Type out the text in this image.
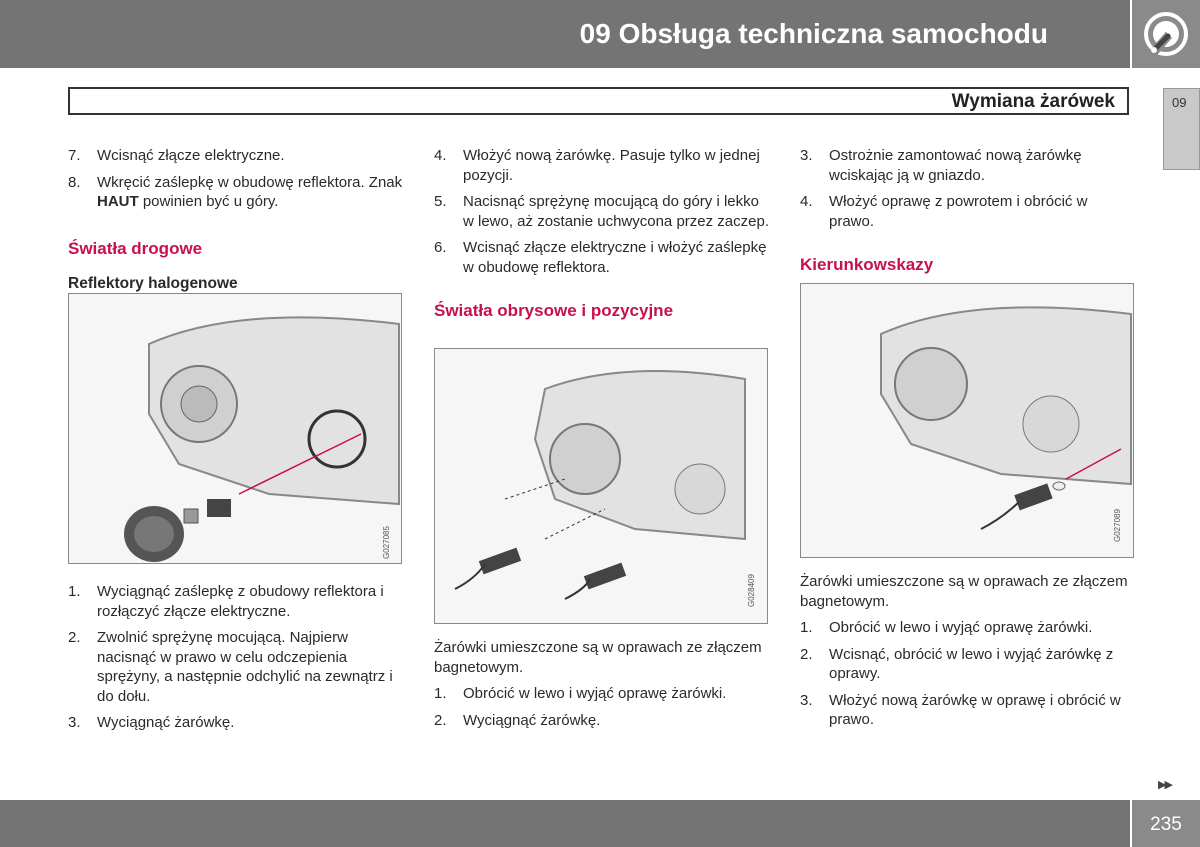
09 Obsługa techniczna samochodu
Wymiana żarówek	09
7. Wcisnąć złącze elektryczne.
8. Wkręcić zaślepkę w obudowę reflektora. Znak HAUT powinien być u góry.
Światła drogowe
Reflektory halogenowe
G027085
1. Wyciągnąć zaślepkę z obudowy reflektora i rozłączyć złącze elektryczne.
2. Zwolnić sprężynę mocującą. Najpierw nacisnąć w prawo w celu odczepienia sprężyny, a następnie odchylić na zewnątrz i do dołu.
3. Wyciągnąć żarówkę.
4. Włożyć nową żarówkę. Pasuje tylko w jednej pozycji.
5. Nacisnąć sprężynę mocującą do góry i lekko w lewo, aż zostanie uchwycona przez zaczep.
6. Wcisnąć złącze elektryczne i włożyć zaślepkę w obudowę reflektora.
Światła obrysowe i pozycyjne
G028409
Żarówki umieszczone są w oprawach ze złączem bagnetowym.
1. Obrócić w lewo i wyjąć oprawę żarówki.
2. Wyciągnąć żarówkę.
3. Ostrożnie zamontować nową żarówkę wciskając ją w gniazdo.
4. Włożyć oprawę z powrotem i obrócić w prawo.
Kierunkowskazy
G027089
Żarówki umieszczone są w oprawach ze złączem bagnetowym.
1. Obrócić w lewo i wyjąć oprawę żarówki.
2. Wcisnąć, obrócić w lewo i wyjąć żarówkę z oprawy.
3. Włożyć nową żarówkę w oprawę i obrócić w prawo.
▶▶
235
